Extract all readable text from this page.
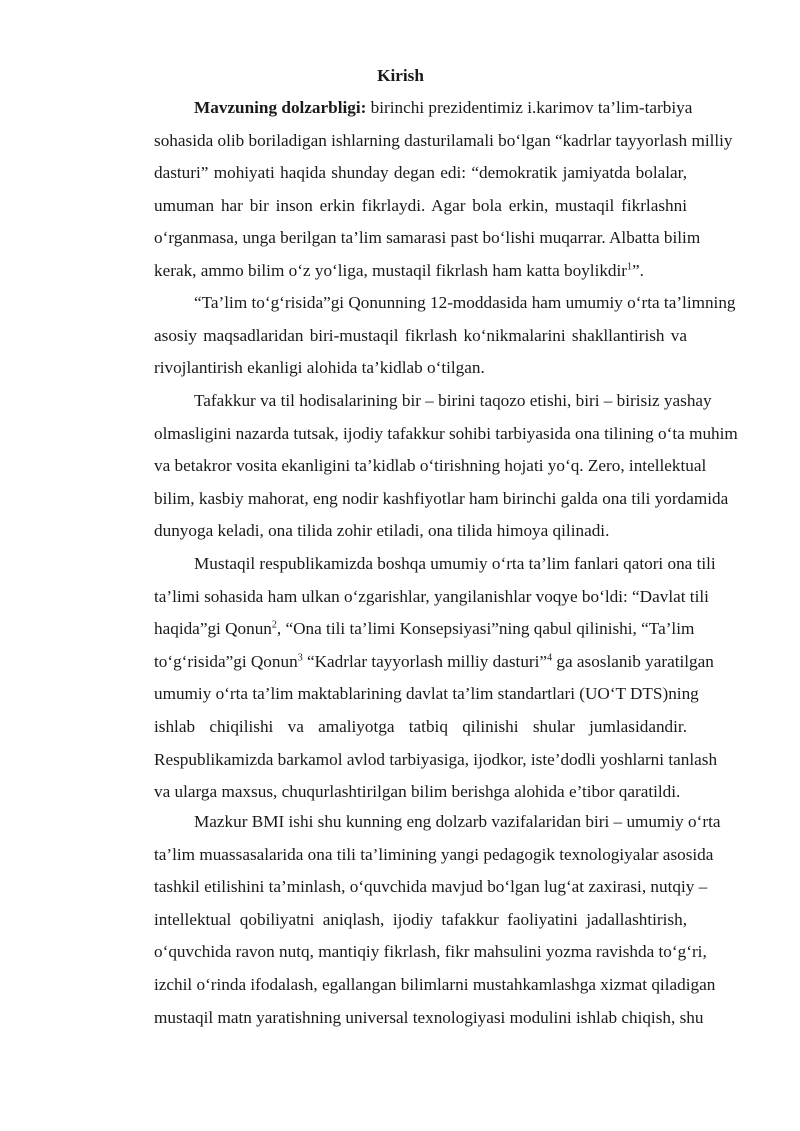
Kirish
Mavzuning dolzarbligi: birinchi prezidentimiz i.karimov ta’lim-tarbiya
sohasida olib boriladigan ishlarning dasturilamali bo‘lgan “kadrlar tayyorlash milliy
dasturi” mohiyati haqida shunday degan edi: “demokratik jamiyatda bolalar,
umuman har bir inson erkin fikrlaydi. Agar bola erkin, mustaqil fikrlashni
o‘rganmasa, unga berilgan ta’lim samarasi past bo‘lishi muqarrar. Albatta bilim
kerak, ammo bilim o‘z yo‘liga, mustaqil fikrlash ham katta boylikdir$^1$”.
“Ta’lim to‘g‘risida”gi Qonunning 12-moddasida ham umumiy o‘rta ta’limning
asosiy maqsadlaridan biri-mustaqil fikrlash ko‘nikmalarini shakllantirish va
rivojlantirish ekanligi alohida ta’kidlab o‘tilgan.
Tafakkur va til hodisalarining bir – birini taqozo etishi, biri – birisiz yashay
olmasligini nazarda tutsak, ijodiy tafakkur sohibi tarbiyasida ona tilining o‘ta muhim
va betakror vosita ekanligini ta’kidlab o‘tirishning hojati yo‘q. Zero, intellektual
bilim, kasbiy mahorat, eng nodir kashfiyotlar ham birinchi galda ona tili yordamida
dunyoga keladi, ona tilida zohir etiladi, ona tilida himoya qilinadi.
Mustaqil respublikamizda boshqa umumiy o‘rta ta’lim fanlari qatori ona tili
ta’limi sohasida ham ulkan o‘zgarishlar, yangilanishlar voqye bo‘ldi: “Davlat tili
haqida”gi Qonun$^2$, “Ona tili ta’limi Konsepsiyasi”ning qabul qilinishi, “Ta’lim
to‘g‘risida”gi Qonun$^3$ “Kadrlar tayyorlash milliy dasturi”$^4$ ga asoslanib yaratilgan
umumiy o‘rta ta’lim maktablarining davlat ta’lim standartlari (UO‘T DTS)ning
ishlab chiqilishi va amaliyotga tatbiq qilinishi shular jumlasidandir.
Respublikamizda barkamol avlod tarbiyasiga, ijodkor, iste’dodli yoshlarni tanlash
va ularga maxsus, chuqurlashtirilgan bilim berishga alohida e’tibor qaratildi.
Mazkur BMI ishi shu kunning eng dolzarb vazifalaridan biri – umumiy o‘rta
ta’lim muassasalarida ona tili ta’limining yangi pedagogik texnologiyalar asosida
tashkil etilishini ta’minlash, o‘quvchida mavjud bo‘lgan lug‘at zaxirasi, nutqiy –
intellektual qobiliyatni aniqlash, ijodiy tafakkur faoliyatini jadallashtirish,
o‘quvchida ravon nutq, mantiqiy fikrlash, fikr mahsulini yozma ravishda to‘g‘ri,
izchil o‘rinda ifodalash, egallangan bilimlarni mustahkamlashga xizmat qiladigan
mustaqil matn yaratishning universal texnologiyasi modulini ishlab chiqish, shu
